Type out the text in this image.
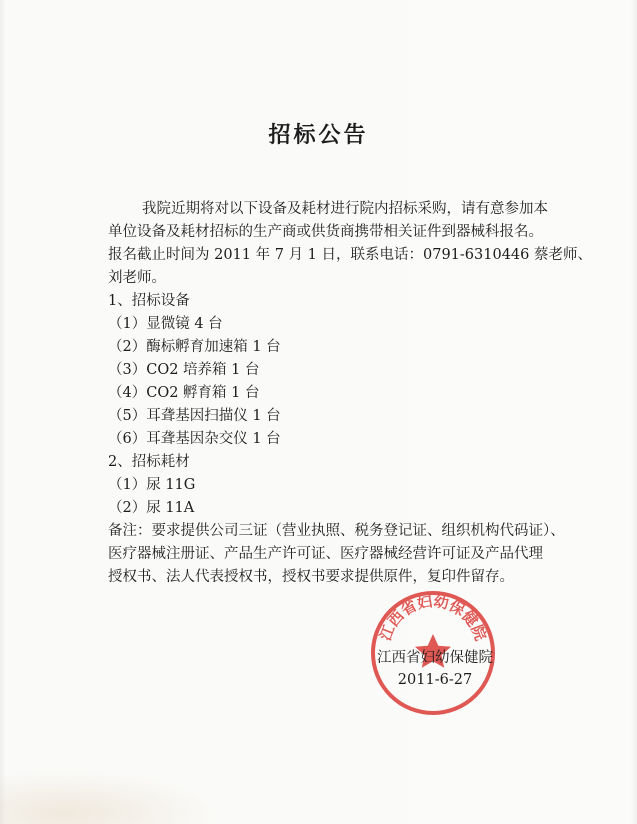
招标公告

我院近期将对以下设备及耗材进行院内招标采购，请有意参加本

单位设备及耗材招标的生产商或供货商携带相关证件到器械科报名。

报名截止时间为 2011 年 7 月 1 日，联系电话：0791-6310446 蔡老师、

刘老师。

1、招标设备

（1）显微镜 4 台

（2）酶标孵育加速箱 1 台

（3）CO2 培养箱 1 台

（4）CO2 孵育箱 1 台

（5）耳聋基因扫描仪 1 台

（6）耳聋基因杂交仪 1 台

2、招标耗材

（1）尿 11G

（2）尿 11A

备注：要求提供公司三证（营业执照、税务登记证、组织机构代码证）、

医疗器械注册证、产品生产许可证、医疗器械经营许可证及产品代理

授权书、法人代表授权书，授权书要求提供原件，复印件留存。

江西省妇幼保健院
江西省妇幼保健院
2011-6-27
